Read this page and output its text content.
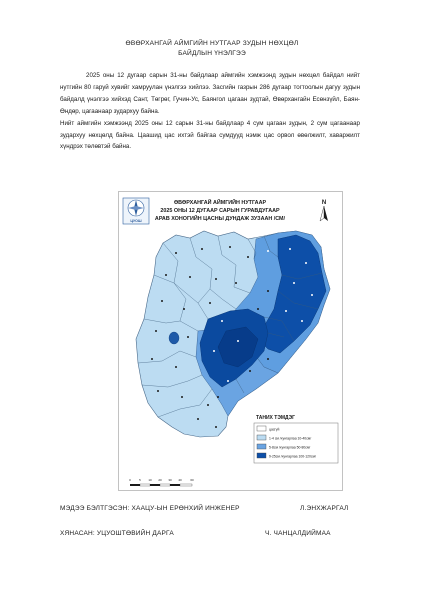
ӨВӨРХАНГАЙ АЙМГИЙН НУТГААР ЗУДЫН НӨХЦӨЛ
БАЙДЛЫН ҮНЭЛГЭЭ

2025 оны 12 дугаар сарын 31-ны байдлаар аймгийн хэмжээнд зудын нөхцөл байдал нийт нутгийн 80 гаруй хувийг хамруулан үнэлгээ хийлээ. Засгийн газрын 286 дугаар тогтоолын дагуу зудын байдалд үнэлгээ хийхэд Сант, Төгрөг, Гучин-Ус, Баянгол цагаан зудтай, Өвөрхангайн Есөнзүйл, Баян-Өндөр, цагаанаар зудархуу байна.

Нийт аймгийн хэмжээнд 2025 оны 12 сарын 31-ны байдлаар 4 сум цагаан зудын, 2 сум цагаанаар зудархуу нөхцөлд байна. Цаашид цас ихтэй байгаа сумдууд нэмж цас орвол өвөлжилт, хаваржилт хүндрэх төлөвтэй байна.

ЦУОШ
ӨВӨРХАНГАЙ АЙМГИЙН НУТГААР
2025 ОНЫ 12 ДУГААР САРЫН ГУРАВДУГААР
АРАВ ХОНОГИЙН ЦАСНЫ ДУНДАЖ ЗУЗААН /СМ/
N
ТАНИХ ТЭМДЭГ
цасгүй
1-4 см /хунгарлаа 10-40см/
5-8см /хунгарлаа 50-80см/
9-25см /хунгарлаа 100-120см/
0	5 10 20 30 40	60
МЭДЭЭ БЭЛТГЭСЭН: ХААЦУ-ЫН ЕРӨНХИЙ ИНЖЕНЕР	Л.ЭНХЖАРГАЛ
ХЯНАСАН: УЦУОШТӨВИЙН ДАРГА	Ч. ЧАНЦАЛДИЙМАА
